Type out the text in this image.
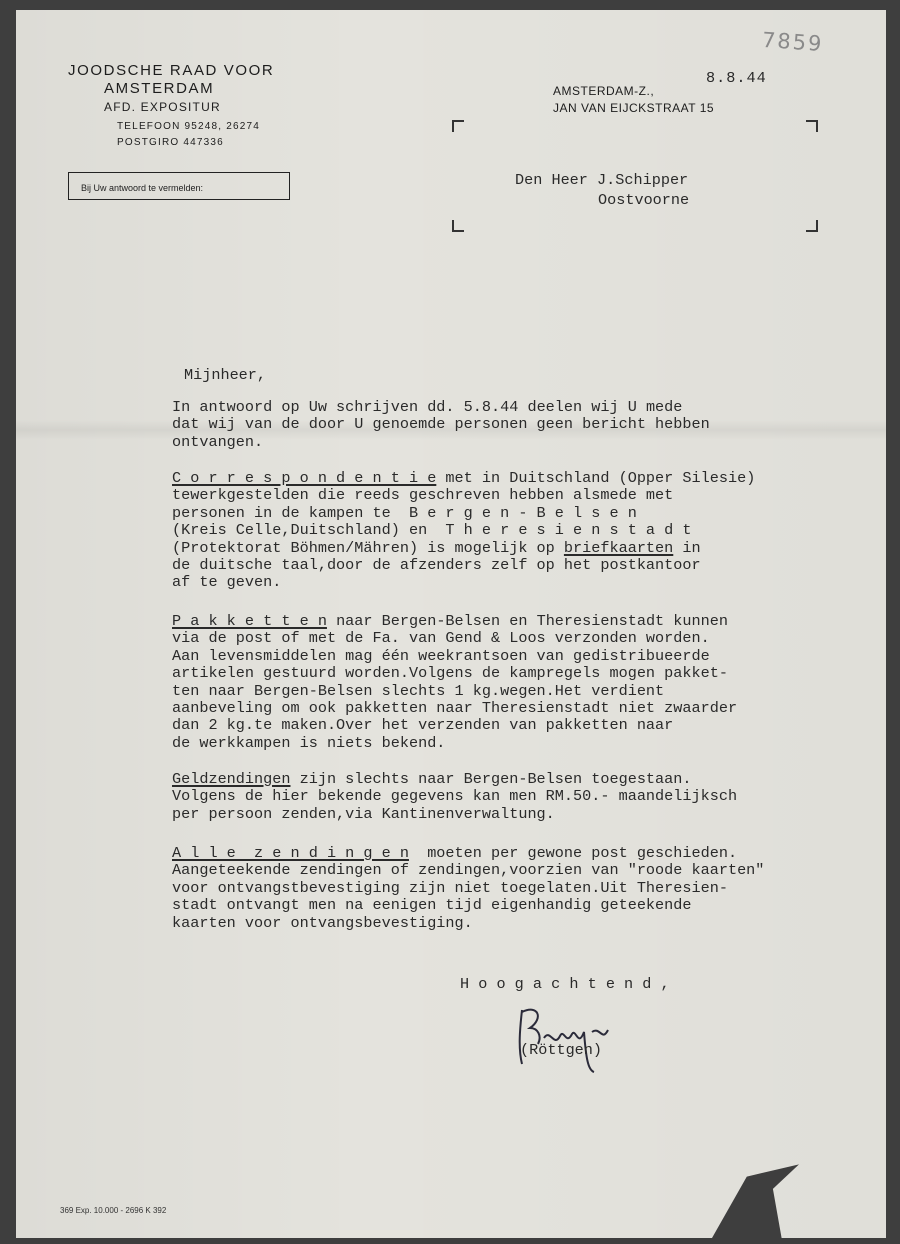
JOODSCHE RAAD VOOR
AMSTERDAM
AFD. EXPOSITUR
TELEFOON 95248, 26274
POSTGIRO 447336
Bij Uw antwoord te vermelden:
AMSTERDAM-Z.,
JAN VAN EIJCKSTRAAT 15
7859
8.8.44
Den Heer J.Schipper
Oostvoorne
Mijnheer,
In antwoord op Uw schrijven dd. 5.8.44 deelen wij U mede
dat wij van de door U genoemde personen geen bericht hebben
ontvangen.
C o r r e s p o n d e n t i e met in Duitschland (Opper Silesie)
tewerkgestelden die reeds geschreven hebben alsmede met
personen in de kampen te  B e r g e n - B e l s e n
(Kreis Celle,Duitschland) en  T h e r e s i e n s t a d t
(Protektorat Böhmen/Mähren) is mogelijk op briefkaarten in
de duitsche taal,door de afzenders zelf op het postkantoor
af te geven.
P a k k e t t e n naar Bergen-Belsen en Theresienstadt kunnen
via de post of met de Fa. van Gend & Loos verzonden worden.
Aan levensmiddelen mag één weekrantsoen van gedistribueerde
artikelen gestuurd worden.Volgens de kampregels mogen pakket-
ten naar Bergen-Belsen slechts 1 kg.wegen.Het verdient
aanbeveling om ook pakketten naar Theresienstadt niet zwaarder
dan 2 kg.te maken.Over het verzenden van pakketten naar
de werkkampen is niets bekend.
Geldzendingen zijn slechts naar Bergen-Belsen toegestaan.
Volgens de hier bekende gegevens kan men RM.50.- maandelijksch
per persoon zenden,via Kantinenverwaltung.
A l l e  z e n d i n g e n  moeten per gewone post geschieden.
Aangeteekende zendingen of zendingen,voorzien van "roode kaarten"
voor ontvangstbevestiging zijn niet toegelaten.Uit Theresien-
stadt ontvangt men na eenigen tijd eigenhandig geteekende
kaarten voor ontvangsbevestiging.
H o o g a c h t e n d ,
(Röttgen)
369 Exp. 10.000 - 2696 K 392
